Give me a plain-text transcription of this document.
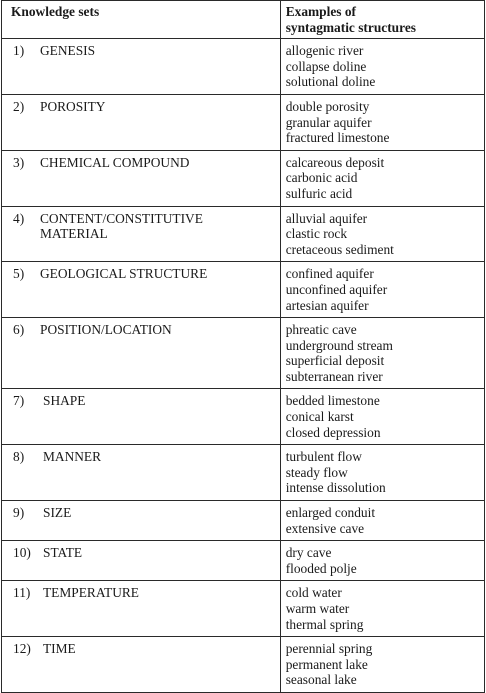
Knowledge sets	Examples of
syntagmatic structures

1) GENESIS	allogenic river
collapse doline
solutional doline

2) POROSITY	double porosity
granular aquifer
fractured limestone

3) CHEMICAL COMPOUND	calcareous deposit
carbonic acid
sulfuric acid

4) CONTENT/CONSTITUTIVE MATERIAL	alluvial aquifer
clastic rock
cretaceous sediment

5) GEOLOGICAL STRUCTURE	confined aquifer
unconfined aquifer
artesian aquifer

6) POSITION/LOCATION	phreatic cave
underground stream
superficial deposit
subterranean river

7) SHAPE	bedded limestone
conical karst
closed depression

8) MANNER	turbulent flow
steady flow
intense dissolution

9) SIZE	enlarged conduit
extensive cave

10) STATE	dry cave
flooded polje

11) TEMPERATURE	cold water
warm water
thermal spring

12) TIME	perennial spring
permanent lake
seasonal lake
